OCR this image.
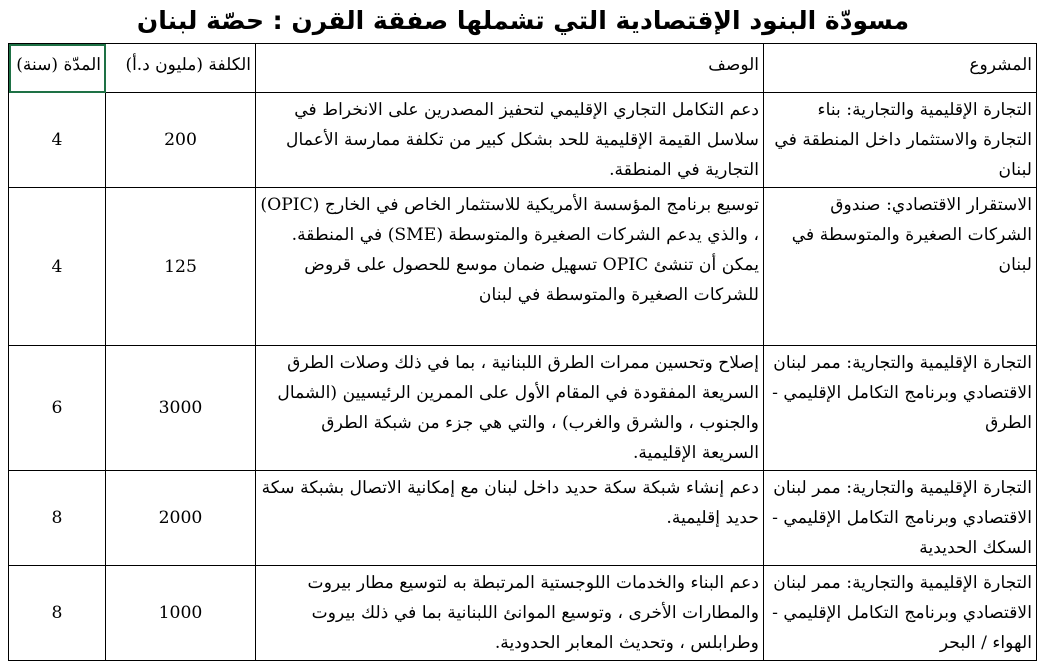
مسودّة البنود الإقتصادية التي تشملها صفقة القرن : حصّة لبنان
المدّة (سنة)	الكلفة (مليون د.أ)	الوصف	المشروع
4	200	دعم التكامل التجاري الإقليمي لتحفيز المصدرين على الانخراط في سلاسل القيمة الإقليمية للحد بشكل كبير من تكلفة ممارسة الأعمال التجارية في المنطقة.	التجارة الإقليمية والتجارية: بناء التجارة والاستثمار داخل المنطقة في لبنان
4	125	توسيع برنامج المؤسسة الأمريكية للاستثمار الخاص في الخارج (OPIC) ، والذي يدعم الشركات الصغيرة والمتوسطة (SME) في المنطقة. يمكن أن تنشئ OPIC تسهيل ضمان موسع للحصول على قروض للشركات الصغيرة والمتوسطة في لبنان	الاستقرار الاقتصادي: صندوق الشركات الصغيرة والمتوسطة في لبنان
6	3000	إصلاح وتحسين ممرات الطرق اللبنانية ، بما في ذلك وصلات الطرق السريعة المفقودة في المقام الأول على الممرين الرئيسيين (الشمال والجنوب ، والشرق والغرب) ، والتي هي جزء من شبكة الطرق السريعة الإقليمية.	التجارة الإقليمية والتجارية: ممر لبنان الاقتصادي وبرنامج التكامل الإقليمي - الطرق
8	2000	دعم إنشاء شبكة سكة حديد داخل لبنان مع إمكانية الاتصال بشبكة سكة حديد إقليمية.	التجارة الإقليمية والتجارية: ممر لبنان الاقتصادي وبرنامج التكامل الإقليمي - السكك الحديدية
8	1000	دعم البناء والخدمات اللوجستية المرتبطة به لتوسيع مطار بيروت والمطارات الأخرى ، وتوسيع الموانئ اللبنانية بما في ذلك بيروت وطرابلس ، وتحديث المعابر الحدودية.	التجارة الإقليمية والتجارية: ممر لبنان الاقتصادي وبرنامج التكامل الإقليمي - الهواء / البحر
